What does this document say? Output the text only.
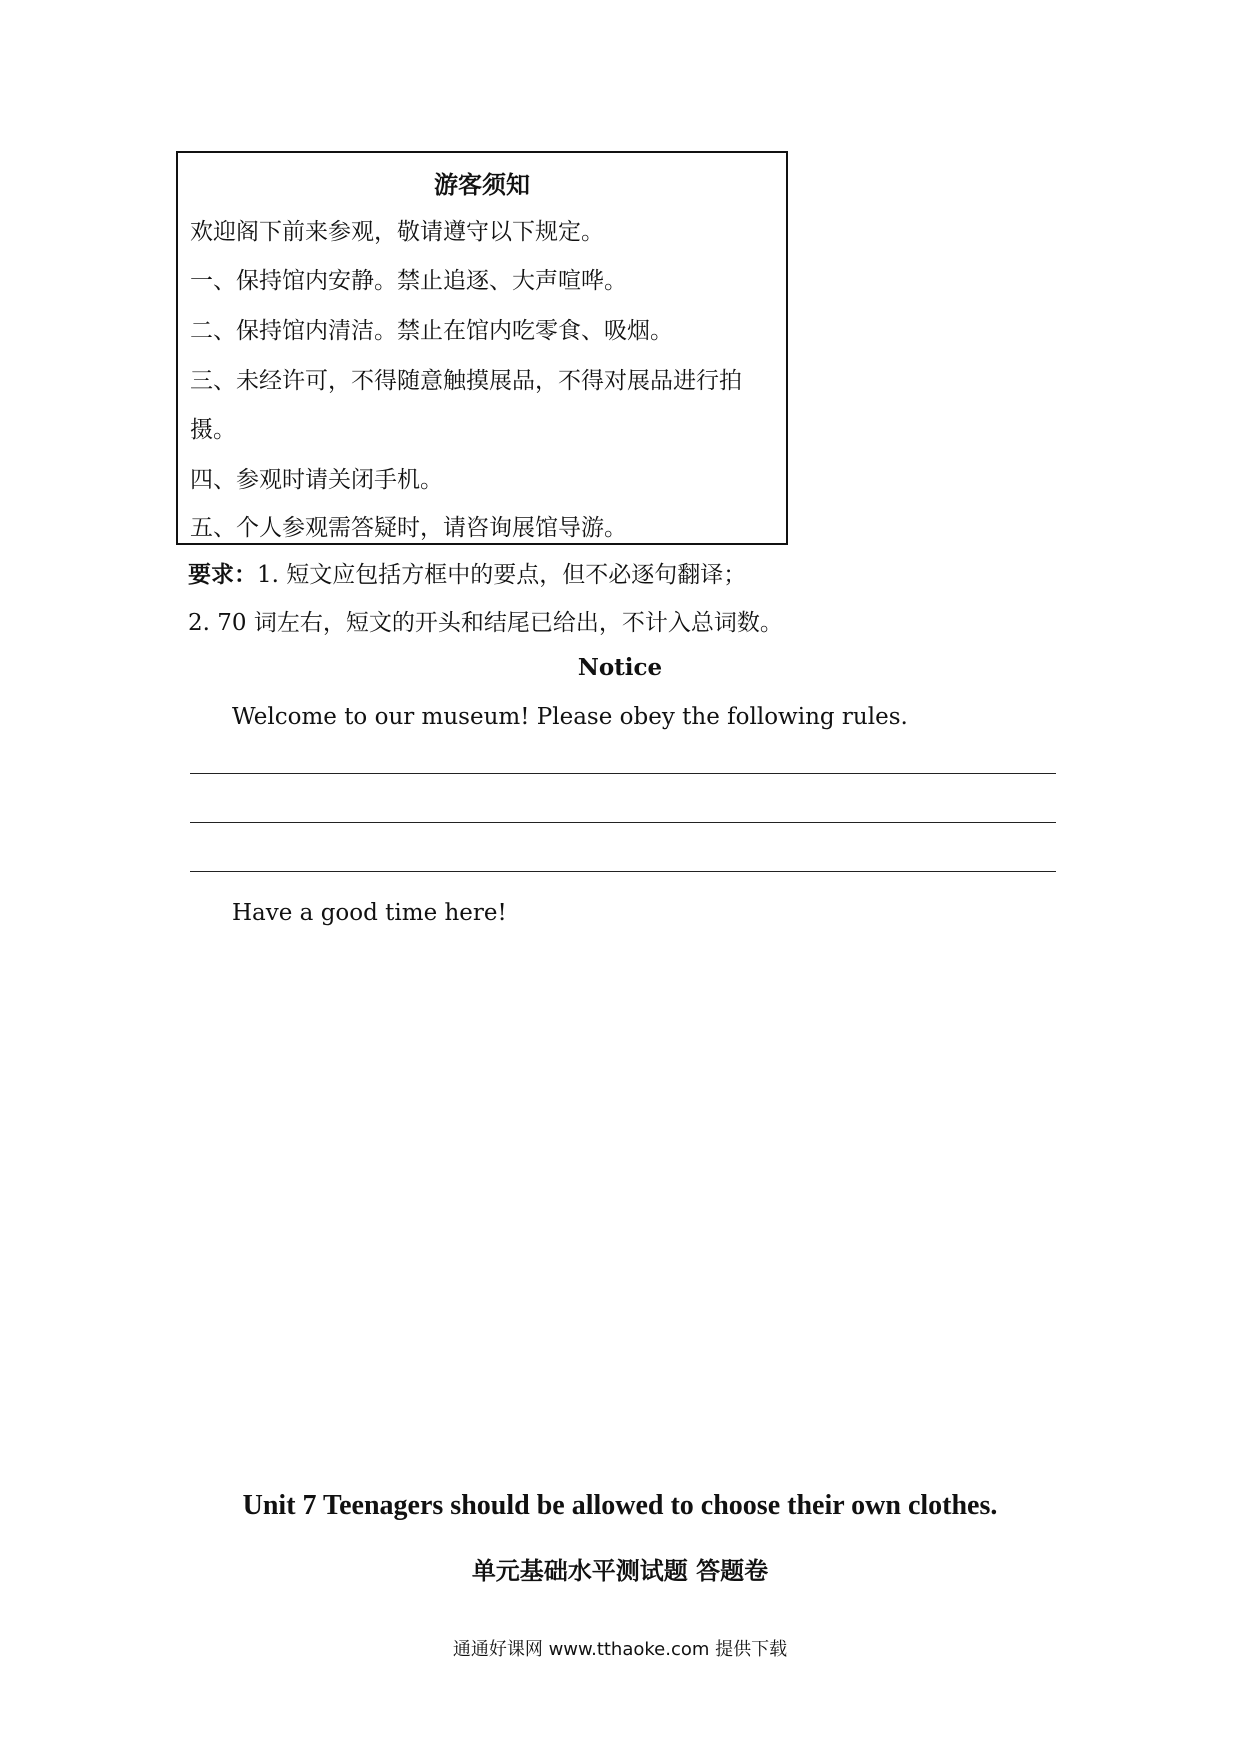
游客须知
欢迎阁下前来参观，敬请遵守以下规定。
一、保持馆内安静。禁止追逐、大声喧哗。
二、保持馆内清洁。禁止在馆内吃零食、吸烟。
三、未经许可，不得随意触摸展品，不得对展品进行拍
摄。
四、参观时请关闭手机。
五、个人参观需答疑时，请咨询展馆导游。
要求：1. 短文应包括方框中的要点，但不必逐句翻译；
2. 70 词左右，短文的开头和结尾已给出，不计入总词数。
Notice
Welcome to our museum! Please obey the following rules.
Have a good time here!
Unit 7 Teenagers should be allowed to choose their own clothes.
单元基础水平测试题 答题卷
通通好课网 www.tthaoke.com 提供下载
